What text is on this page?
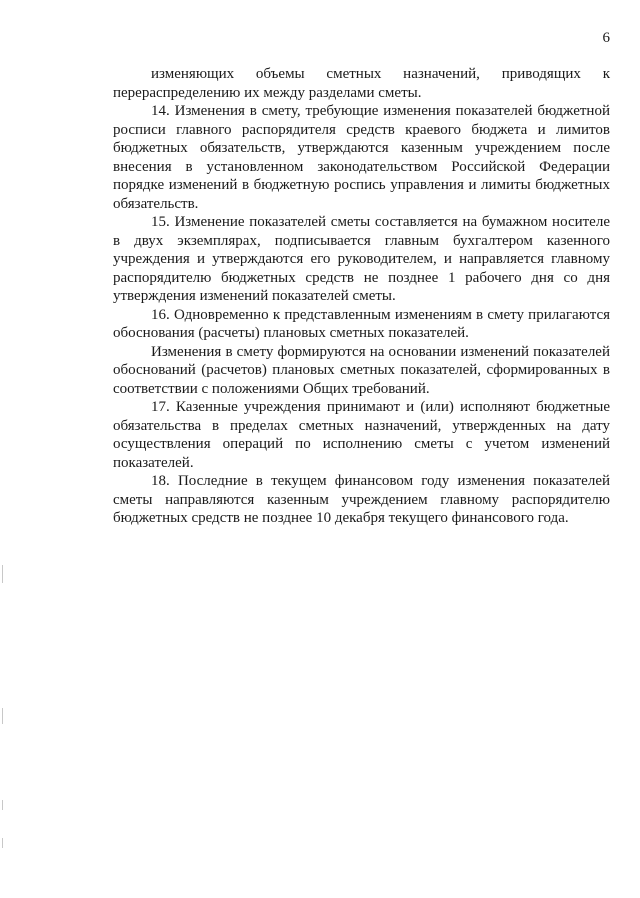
6

изменяющих объемы сметных назначений, приводящих к перераспределению их между разделами сметы.

14. Изменения в смету, требующие изменения показателей бюджетной росписи главного распорядителя средств краевого бюджета и лимитов бюджетных обязательств, утверждаются казенным учреждением после внесения в установленном законодательством Российской Федерации порядке изменений в бюджетную роспись управления и лимиты бюджетных обязательств.

15. Изменение показателей сметы составляется на бумажном носителе в двух экземплярах, подписывается главным бухгалтером казенного учреждения и утверждаются его руководителем, и направляется главному распорядителю бюджетных средств не позднее 1 рабочего дня со дня утверждения изменений показателей сметы.

16. Одновременно к представленным изменениям в смету прилагаются обоснования (расчеты) плановых сметных показателей.

Изменения в смету формируются на основании изменений показателей обоснований (расчетов) плановых сметных показателей, сформированных в соответствии с положениями Общих требований.

17. Казенные учреждения принимают и (или) исполняют бюджетные обязательства в пределах сметных назначений, утвержденных на дату осуществления операций по исполнению сметы с учетом изменений показателей.

18. Последние в текущем финансовом году изменения показателей сметы направляются казенным учреждением главному распорядителю бюджетных средств не позднее 10 декабря текущего финансового года.
